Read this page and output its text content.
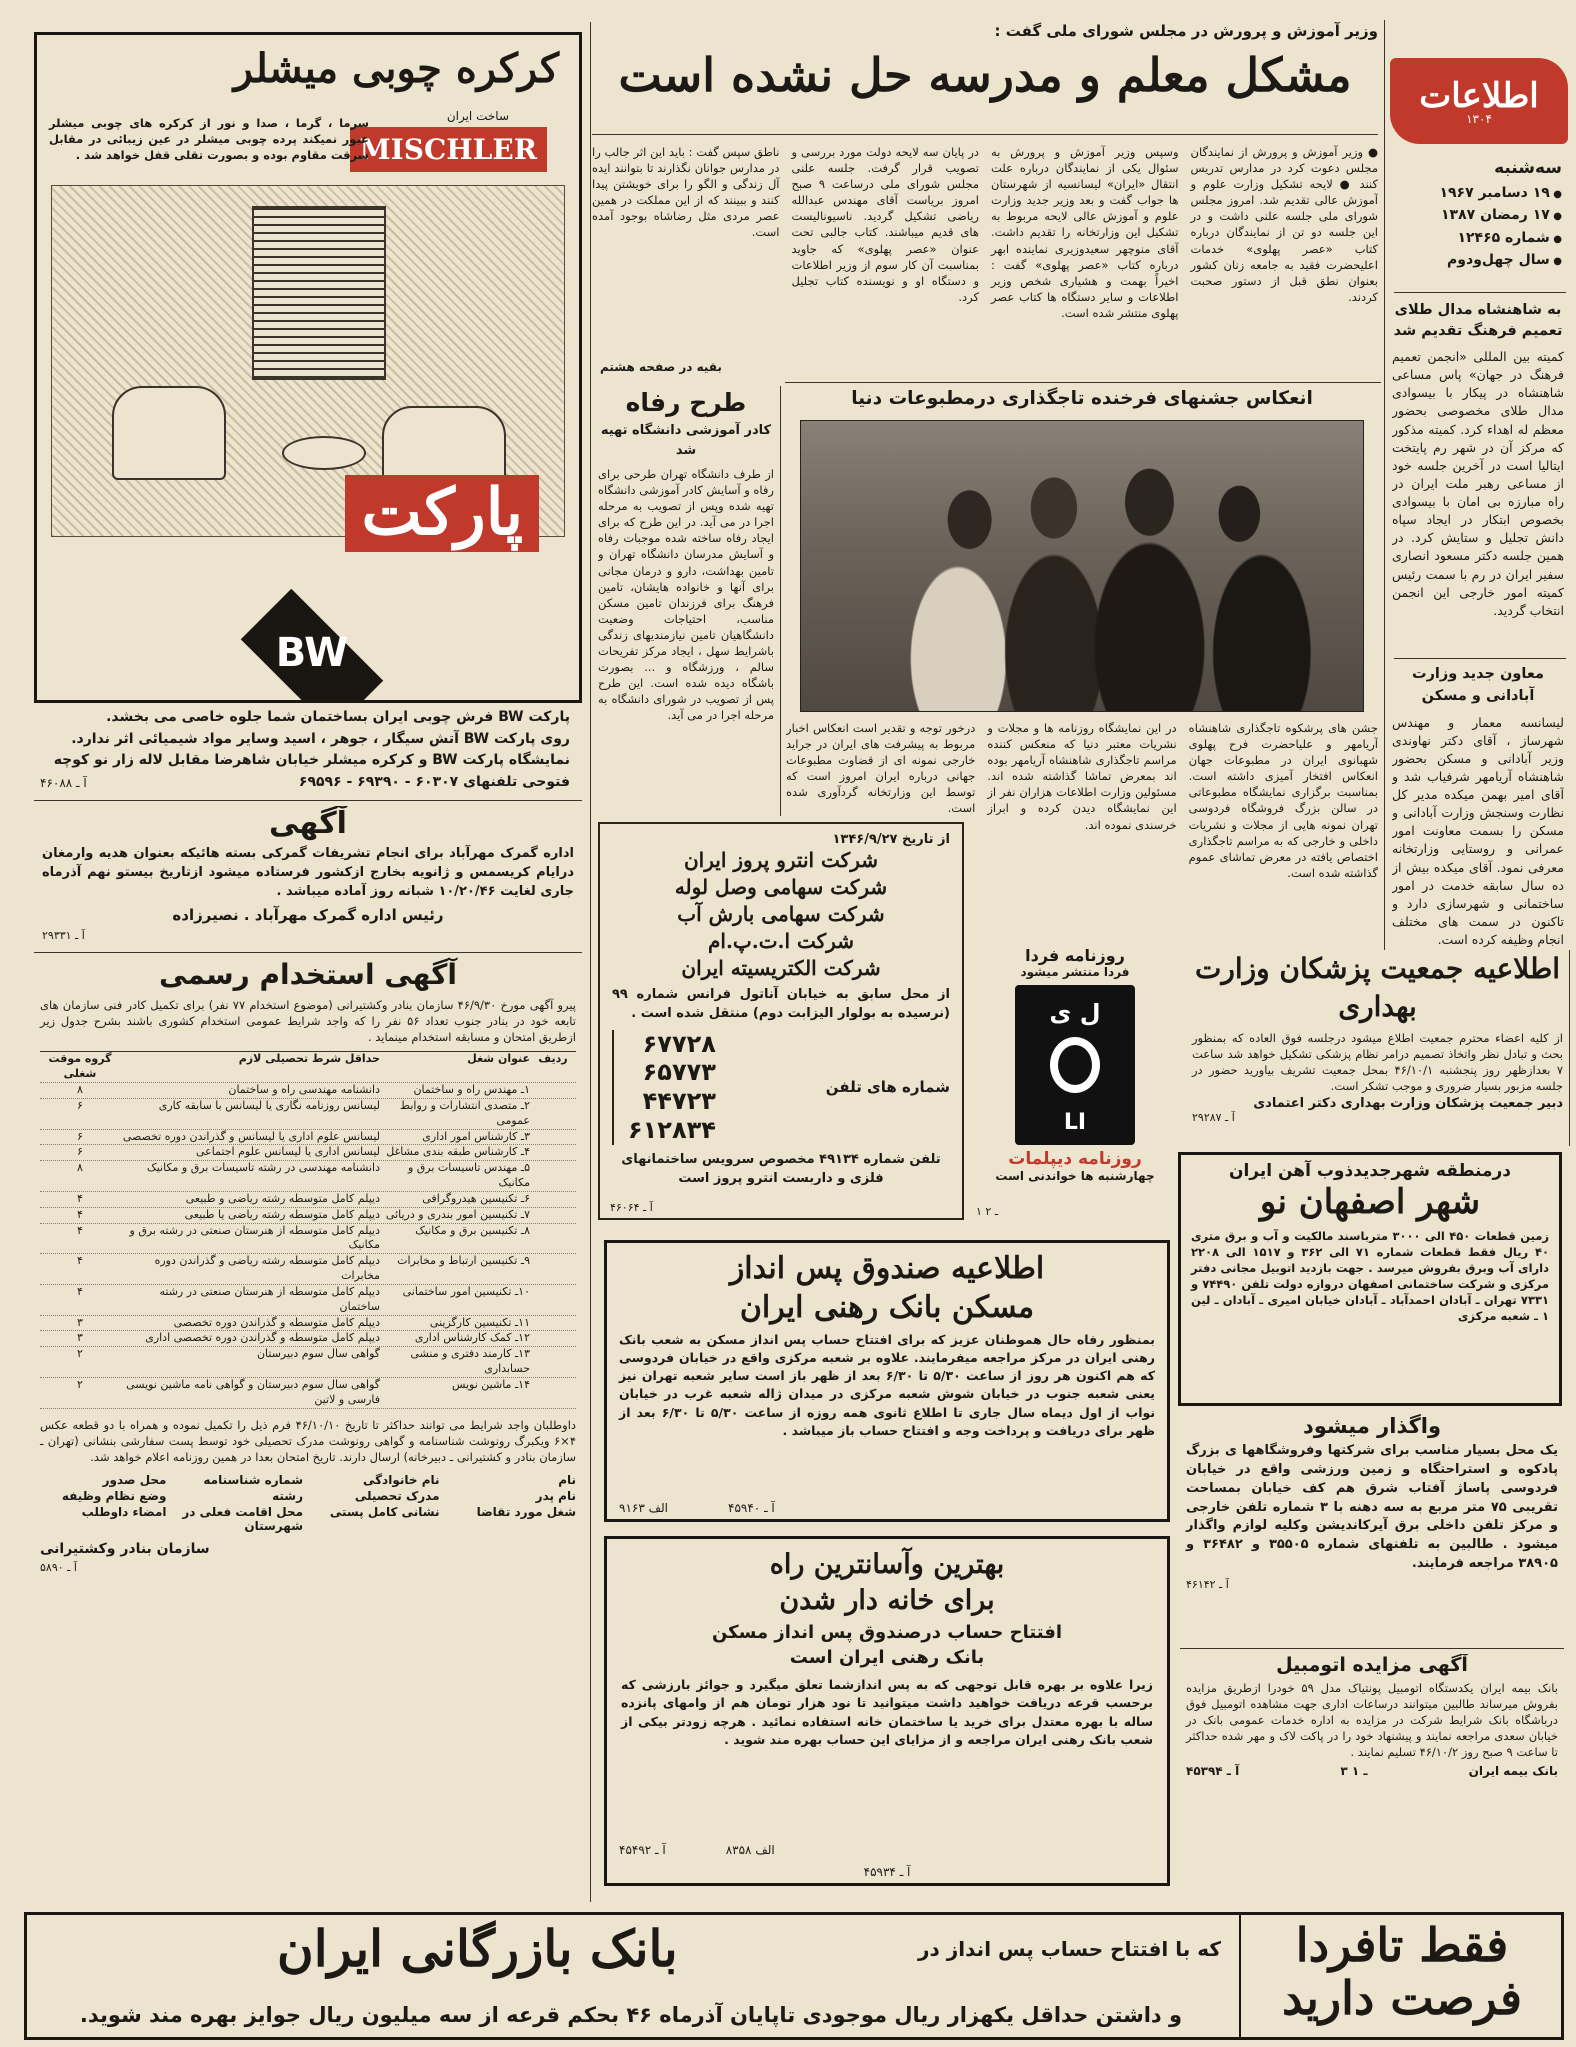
اطلاعات
۱۳۰۴
سه‌شنبه
● ۱۹ دسامبر ۱۹۶۷
● ۱۷ رمضان ۱۳۸۷
● شماره ۱۲۴۶۵
● سال چهل‌ودوم

به شاهنشاه مدال طلای تعمیم فرهنگ تقدیم شد

کمیته بین المللی «انجمن تعمیم فرهنگ در جهان» پاس مساعی شاهنشاه در پیکار با بیسوادی مدال طلای مخصوصی بحضور معظم له اهداء کرد. کمیته مذکور که مرکز آن در شهر رم پایتخت ایتالیا است در آخرین جلسه خود از مساعی رهبر ملت ایران در راه مبارزه بی امان با بیسوادی بخصوص ابتکار در ایجاد سپاه دانش تجلیل و ستایش کرد. در همین جلسه دکتر مسعود انصاری سفیر ایران در رم با سمت رئیس کمیته امور خارجی این انجمن انتخاب گردید.

معاون جدید وزارت آبادانی و مسکن

لیسانسه معمار و مهندس شهرساز ، آقای دکتر نهاوندی وزیر آبادانی و مسکن بحضور شاهنشاه آریامهر شرفیاب شد و آقای امیر بهمن میکده مدیر کل نظارت وسنجش وزارت آبادانی و مسکن را بسمت معاونت امور عمرانی و روستایی وزارتخانه معرفی نمود. آقای میکده بیش از ده سال سابقه خدمت در امور ساختمانی و شهرسازی دارد و تاکنون در سمت های مختلف انجام وظیفه کرده است.

وزیر آموزش و پرورش در مجلس شورای ملی گفت :

مشکل معلم و مدرسه حل نشده است

● وزیر آموزش و پرورش از نمایندگان مجلس دعوت کرد در مدارس تدریس کنند ● لایحه تشکیل وزارت علوم و آموزش عالی تقدیم شد. امروز مجلس شورای ملی جلسه علنی داشت و در این جلسه دو تن از نمایندگان درباره کتاب «عصر پهلوی» خدمات اعلیحضرت فقید به جامعه زنان کشور بعنوان نطق قبل از دستور صحبت کردند.

وسپس وزیر آموزش و پرورش به سئوال یکی از نمایندگان درباره علت انتقال «ایران» لیسانسیه از شهرستان ها جواب گفت و بعد وزیر جدید وزارت علوم و آموزش عالی لایحه مربوط به تشکیل این وزارتخانه را تقدیم داشت. آقای منوچهر سعیدوزیری نماینده ابهر درباره کتاب «عصر پهلوی» گفت : اخیراً بهمت و هشیاری شخص وزیر اطلاعات و سایر دستگاه ها کتاب عصر پهلوی منتشر شده است.

در پایان سه لایحه دولت مورد بررسی و تصویب قرار گرفت. جلسه علنی مجلس شورای ملی درساعت ۹ صبح امروز بریاست آقای مهندس عبدالله ریاضی تشکیل گردید. ناسیونالیست های قدیم میباشند. کتاب جالبی تحت عنوان «عصر پهلوی» که جاوید بمناسبت آن کار سوم از وزیر اطلاعات و دستگاه او و نویسنده کتاب تجلیل کرد.

ناطق سپس گفت : باید این اثر جالب را در مدارس جوانان نگذارند تا بتوانند ایده آل زندگی و الگو را برای خویشتن پیدا کنند و ببینند که از این مملکت در همین عصر مردی مثل رضاشاه بوجود آمده است.

بقیه در صفحه هشتم

انعکاس جشنهای فرخنده تاجگذاری درمطبوعات دنیا

جشن های پرشکوه تاجگذاری شاهنشاه آریامهر و علیاحضرت فرح پهلوی شهبانوی ایران در مطبوعات جهان انعکاس افتخار آمیزی داشته است. بمناسبت برگزاری نمایشگاه مطبوعاتی در سالن بزرگ فروشگاه فردوسی تهران نمونه هایی از مجلات و نشریات داخلی و خارجی که به مراسم تاجگذاری اختصاص یافته در معرض تماشای عموم گذاشته شده است.

در این نمایشگاه روزنامه ها و مجلات و نشریات معتبر دنیا که منعکس کننده مراسم تاجگذاری شاهنشاه آریامهر بوده اند بمعرض تماشا گذاشته شده اند. مسئولین وزارت اطلاعات هزاران نفر از این نمایشگاه دیدن کرده و ابراز خرسندی نموده اند.

درخور توجه و تقدیر است انعکاس اخبار مربوط به پیشرفت های ایران در جراید خارجی نمونه ای از قضاوت مطبوعات جهانی درباره ایران امروز است که توسط این وزارتخانه گردآوری شده است.

طرح رفاه

کادر آموزشی دانشگاه تهیه شد

از طرف دانشگاه تهران طرحی برای رفاه و آسایش کادر آموزشی دانشگاه تهیه شده وپس از تصویب به مرحله اجرا در می آید. در این طرح که برای ایجاد رفاه ساخته شده موجبات رفاه و آسایش مدرسان دانشگاه تهران و تامین بهداشت، دارو و درمان مجانی برای آنها و خانواده هایشان، تامین فرهنگ برای فرزندان تامین مسکن مناسب، احتیاجات وضعیت دانشگاهیان تامین نیازمندیهای زندگی باشرایط سهل ، ایجاد مرکز تفریحات سالم ، ورزشگاه و ... بصورت باشگاه دیده شده است. این طرح پس از تصویب در شورای دانشگاه به مرحله اجرا در می آید.

کرکره چوبی میشلر

ساخت ایران
MISCHLER

سرما ، گرما ، صدا و نور از کرکره های چوبی میشلر عبور نمیکند پرده چوبی میشلر در عین زیبائی در مقابل سرقت مقاوم بوده و بصورت تقلی قفل خواهد شد .

پارکت
BW
پارکت BW فرش چوبی ایران بساختمان شما جلوه خاصی می بخشد.
روی پارکت BW آتش سیگار ، جوهر ، اسید وسایر مواد شیمیائی اثر ندارد.
نمایشگاه پارکت BW و کرکره میشلر خیابان شاهرضا مقابل لاله زار نو کوچه
فتوحی تلفنهای ۶۰۳۰۷ - ۶۹۳۹۰ - ۶۹۵۹۶
آ ـ ۴۶۰۸۸

آگهی

اداره گمرک مهرآباد برای انجام تشریفات گمرکی بسته هائیکه بعنوان هدیه وارمغان درایام کریسمس و ژانویه بخارج ازکشور فرستاده میشود ازتاریخ بیستو نهم آذرماه جاری لغایت ۱۰/۲۰/۴۶ شبانه روز آماده میباشد .

رئیس اداره گمرک مهرآباد . نصیرزاده

آ ـ ۲۹۳۳۱

آگهی استخدام رسمی

پیرو آگهی مورخ ۴۶/۹/۳۰ سازمان بنادر وکشتیرانی (موضوع استخدام ۷۷ نفر) برای تکمیل کادر فنی سازمان های تابعه خود در بنادر جنوب تعداد ۵۶ نفر را که واجد شرایط عمومی استخدام کشوری باشند بشرح جدول زیر ازطریق امتحان و مسابقه استخدام مینماید .

ردیف
عنوان شغل
حداقل شرط تحصیلی لازم
گروه موقت شغلی
۱ـ مهندس راه و ساختمان
دانشنامه مهندسی راه و ساختمان
۸
۲ـ متصدی انتشارات و روابط عمومی
لیسانس روزنامه نگاری یا لیسانس با سابقه کاری
۶
۳ـ کارشناس امور اداری
لیسانس علوم اداری یا لیسانس و گذراندن دوره تخصصی
۶
۴ـ کارشناس طبقه بندی مشاغل
لیسانس اداری یا لیسانس علوم اجتماعی
۶
۵ـ مهندس تاسیسات برق و مکانیک
دانشنامه مهندسی در رشته تاسیسات برق و مکانیک
۸
۶ـ تکنیسین هیدروگرافی
دیپلم کامل متوسطه رشته ریاضی و طبیعی
۴
۷ـ تکنیسین امور بندری و دریائی
دیپلم کامل متوسطه رشته ریاضی یا طبیعی
۴
۸ـ تکنیسین برق و مکانیک
دیپلم کامل متوسطه از هنرستان صنعتی در رشته برق و مکانیک
۴
۹ـ تکنیسین ارتباط و مخابرات
دیپلم کامل متوسطه رشته ریاضی و گذراندن دوره مخابرات
۴
۱۰ـ تکنیسین امور ساختمانی
دیپلم کامل متوسطه از هنرستان صنعتی در رشته ساختمان
۴
۱۱ـ تکنیسین کارگزینی
دیپلم کامل متوسطه و گذراندن دوره تخصصی
۳
۱۲ـ کمک کارشناس اداری
دیپلم کامل متوسطه و گذراندن دوره تخصصی اداری
۳
۱۳ـ کارمند دفتری و منشی حسابداری
گواهی سال سوم دبیرستان
۲
۱۴ـ ماشین نویس
گواهی سال سوم دبیرستان و گواهی نامه ماشین نویسی فارسی و لاتین
۲

داوطلبان واجد شرایط می توانند حداکثر تا تاریخ ۴۶/۱۰/۱۰ فرم ذیل را تکمیل نموده و همراه با دو قطعه عکس ۴×۶ ویکبرگ رونوشت شناسنامه و گواهی رونوشت مدرک تحصیلی خود توسط پست سفارشی بنشانی (تهران ـ سازمان بنادر و کشتیرانی ـ دبیرخانه) ارسال دارند. تاریخ امتحان بعدا در همین روزنامه اعلام خواهد شد.

نام
نام خانوادگی
شماره شناسنامه
محل صدور
نام پدر
مدرک تحصیلی
رشته
وضع نظام وظیفه
شغل مورد تقاضا
نشانی کامل پستی
محل اقامت فعلی در شهرستان
امضاء داوطلب
سازمان بنادر وکشتیرانی
آ ـ ۵۸۹۰
از تاریخ ۱۳۴۶/۹/۲۷
شرکت انترو پروز ایران
شرکت سهامی وصل لوله
شرکت سهامی بارش آب
شرکت ا.ت.پ.ام
شرکت الکتریسیته ایران

از محل سابق به خیابان آناتول فرانس شماره ۹۹ (نرسیده به بولوار الیزابت دوم) منتقل شده است .

شماره های تلفن
۶۷۷۲۸
۶۵۷۷۳
۴۴۷۲۳
۶۱۲۸۳۴

تلفن شماره ۴۹۱۳۴ مخصوص سرویس ساختمانهای فلزی و داربست انترو پروز است

آ ـ ۴۶۰۶۴
روزنامه فردا
فردا منتشر میشود
ل ی
LI
روزنامه دیپلمات
چهارشنبه ها خواندنی است
۱ ـ ۲

اطلاعیه جمعیت پزشکان وزارت بهداری

از کلیه اعضاء محترم جمعیت اطلاع میشود درجلسه فوق العاده که بمنظور بحث و تبادل نظر واتخاذ تصمیم درامر نظام پزشکی تشکیل خواهد شد ساعت ۷ بعدازظهر روز پنجشنبه ۴۶/۱۰/۱ بمحل جمعیت تشریف بیاورید حضور در جلسه مزبور بسیار ضروری و موجب تشکر است.

دبیر جمعیت پزشکان وزارت بهداری دکتر اعتمادی

آ ـ ۲۹۲۸۷

درمنطقه شهرجدیدذوب آهن ایران

شهر اصفهان نو

زمین قطعات ۴۵۰ الی ۳۰۰۰ مترباسند مالکیت و آب و برق متری ۴۰ ریال فقط قطعات شماره ۷۱ الی ۳۶۲ و ۱۵۱۷ الی ۲۲۰۸ دارای آب وبرق بفروش میرسد . جهت بازدید اتوبیل مجانی دفتر مرکزی و شرکت ساختمانی اصفهان دروازه دولت تلفن ۷۴۴۹۰ و ۷۳۳۱ تهران ـ آبادان احمدآباد ـ آبادان خیابان امیری ـ آبادان ـ لین ۱ ـ شعبه مرکزی

واگذار میشود

یک محل بسیار مناسب برای شرکتها وفروشگاهها ی بزرگ پادکوه و استراحتگاه و زمین ورزشی واقع در خیابان فردوسی پاساژ آفتاب شرق هم کف خیابان بمساحت تقریبی ۷۵ متر مربع به سه دهنه با ۳ شماره تلفن خارجی و مرکز تلفن داخلی برق آیرکاندیشن وکلیه لوازم واگذار میشود . طالبین به تلفنهای شماره ۳۵۵۰۵ و ۳۶۴۸۲ و ۳۸۹۰۵ مراجعه فرمایند.

آ ـ ۴۶۱۴۲

آگهی مزایده اتومبیل

بانک بیمه ایران یکدستگاه اتومبیل پونتیاک مدل ۵۹ خودرا ازطریق مزایده بفروش میرساند طالبین میتوانند درساعات اداری جهت مشاهده اتومبیل فوق درباشگاه بانک شرایط شرکت در مزایده به اداره خدمات عمومی بانک در خیابان سعدی مراجعه نمایند و پیشنهاد خود را در پاکت لاک و مهر شده حداکثر تا ساعت ۹ صبح روز ۴۶/۱۰/۲ تسلیم نمایند .

بانک بیمه ایران
۳ ـ ۱
آ ـ ۴۵۳۹۴

اطلاعیه صندوق پس انداز

مسکن بانک رهنی ایران

بمنظور رفاه حال هموطنان عزیز که برای افتتاح حساب پس انداز مسکن به شعب بانک رهنی ایران در مرکز مراجعه میفرمایند. علاوه بر شعبه مرکزی واقع در خیابان فردوسی که هم اکنون هر روز از ساعت ۵/۳۰ تا ۶/۳۰ بعد از ظهر باز است سایر شعبه تهران نیز یعنی شعبه جنوب در خیابان شوش شعبه مرکزی در میدان ژاله شعبه غرب در خیابان نواب از اول دیماه سال جاری تا اطلاع ثانوی همه روزه از ساعت ۵/۳۰ تا ۶/۳۰ بعد از ظهر برای دریافت و پرداخت وجه و افتتاح حساب باز میباشد .

الف ۹۱۶۳	آ ـ ۴۵۹۴۰

بهترین وآسانترین راه

برای خانه دار شدن

افتتاح حساب درصندوق پس انداز مسکن

بانک رهنی ایران است

زیرا علاوه بر بهره قابل توجهی که به پس اندازشما تعلق میگیرد و جوائز بارزشی که برحسب قرعه دریافت خواهید داشت میتوانید تا نود هزار تومان هم از وامهای پانزده ساله با بهره معتدل برای خرید یا ساختمان خانه استفاده نمائید . هرچه زودتر بیکی از شعب بانک رهنی ایران مراجعه و از مزایای این حساب بهره مند شوید .

آ ـ ۴۵۴۹۲	الف ۸۳۵۸
آ ـ ۴۵۹۳۴
فقط تافردا
فرصت دارید
که با افتتاح حساب پس انداز در
بانک بازرگانی ایران
و داشتن حداقل یکهزار ریال موجودی تاپایان آذرماه ۴۶ بحکم قرعه از سه میلیون ریال جوایز بهره مند شوید.
